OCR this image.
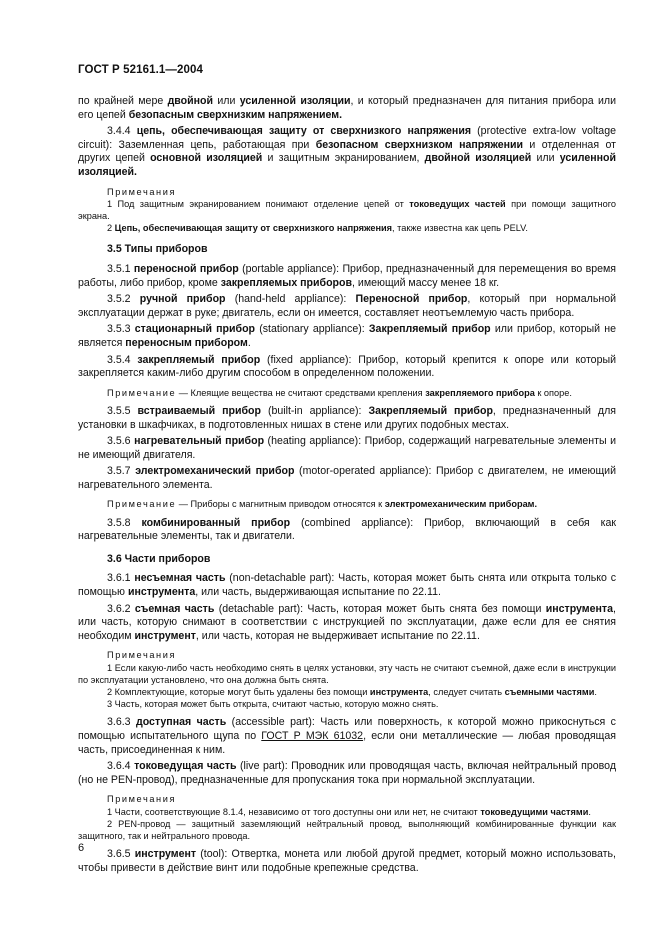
ГОСТ Р 52161.1—2004

по крайней мере двойной или усиленной изоляции, и который предназначен для питания прибора или его цепей безопасным сверхнизким напряжением.

3.4.4 цепь, обеспечивающая защиту от сверхнизкого напряжения (protective extra-low voltage circuit): Заземленная цепь, работающая при безопасном сверхнизком напряжении и отделенная от других цепей основной изоляцией и защитным экранированием, двойной изоляцией или усиленной изоляцией.

Примечания

1 Под защитным экранированием понимают отделение цепей от токоведущих частей при помощи защитного экрана.

2 Цепь, обеспечивающая защиту от сверхнизкого напряжения, также известна как цепь PELV.

3.5 Типы приборов

3.5.1 переносной прибор (portable appliance): Прибор, предназначенный для перемещения во время работы, либо прибор, кроме закрепляемых приборов, имеющий массу менее 18 кг.

3.5.2 ручной прибор (hand-held appliance): Переносной прибор, который при нормальной эксплуатации держат в руке; двигатель, если он имеется, составляет неотъемлемую часть прибора.

3.5.3 стационарный прибор (stationary appliance): Закрепляемый прибор или прибор, который не является переносным прибором.

3.5.4 закрепляемый прибор (fixed appliance): Прибор, который крепится к опоре или который закрепляется каким-либо другим способом в определенном положении.

Примечание — Клеящие вещества не считают средствами крепления закрепляемого прибора к опоре.

3.5.5 встраиваемый прибор (built-in appliance): Закрепляемый прибор, предназначенный для установки в шкафчиках, в подготовленных нишах в стене или других подобных местах.

3.5.6 нагревательный прибор (heating appliance): Прибор, содержащий нагревательные элементы и не имеющий двигателя.

3.5.7 электромеханический прибор (motor-operated appliance): Прибор с двигателем, не имеющий нагревательного элемента.

Примечание — Приборы с магнитным приводом относятся к электромеханическим приборам.

3.5.8 комбинированный прибор (combined appliance): Прибор, включающий в себя как нагревательные элементы, так и двигатели.

3.6 Части приборов

3.6.1 несъемная часть (non-detachable part): Часть, которая может быть снята или открыта только с помощью инструмента, или часть, выдерживающая испытание по 22.11.

3.6.2 съемная часть (detachable part): Часть, которая может быть снята без помощи инструмента, или часть, которую снимают в соответствии с инструкцией по эксплуатации, даже если для ее снятия необходим инструмент, или часть, которая не выдерживает испытание по 22.11.

Примечания

1 Если какую-либо часть необходимо снять в целях установки, эту часть не считают съемной, даже если в инструкции по эксплуатации установлено, что она должна быть снята.

2 Комплектующие, которые могут быть удалены без помощи инструмента, следует считать съемными частями.

3 Часть, которая может быть открыта, считают частью, которую можно снять.

3.6.3 доступная часть (accessible part): Часть или поверхность, к которой можно прикоснуться с помощью испытательного щупа по ГОСТ Р МЭК 61032, если они металлические — любая проводящая часть, присоединенная к ним.

3.6.4 токоведущая часть (live part): Проводник или проводящая часть, включая нейтральный провод (но не PEN-провод), предназначенные для пропускания тока при нормальной эксплуатации.

Примечания

1 Части, соответствующие 8.1.4, независимо от того доступны они или нет, не считают токоведущими частями.

2 PEN-провод — защитный заземляющий нейтральный провод, выполняющий комбинированные функции как защитного, так и нейтрального провода.

3.6.5 инструмент (tool): Отвертка, монета или любой другой предмет, который можно использовать, чтобы привести в действие винт или подобные крепежные средства.

6
